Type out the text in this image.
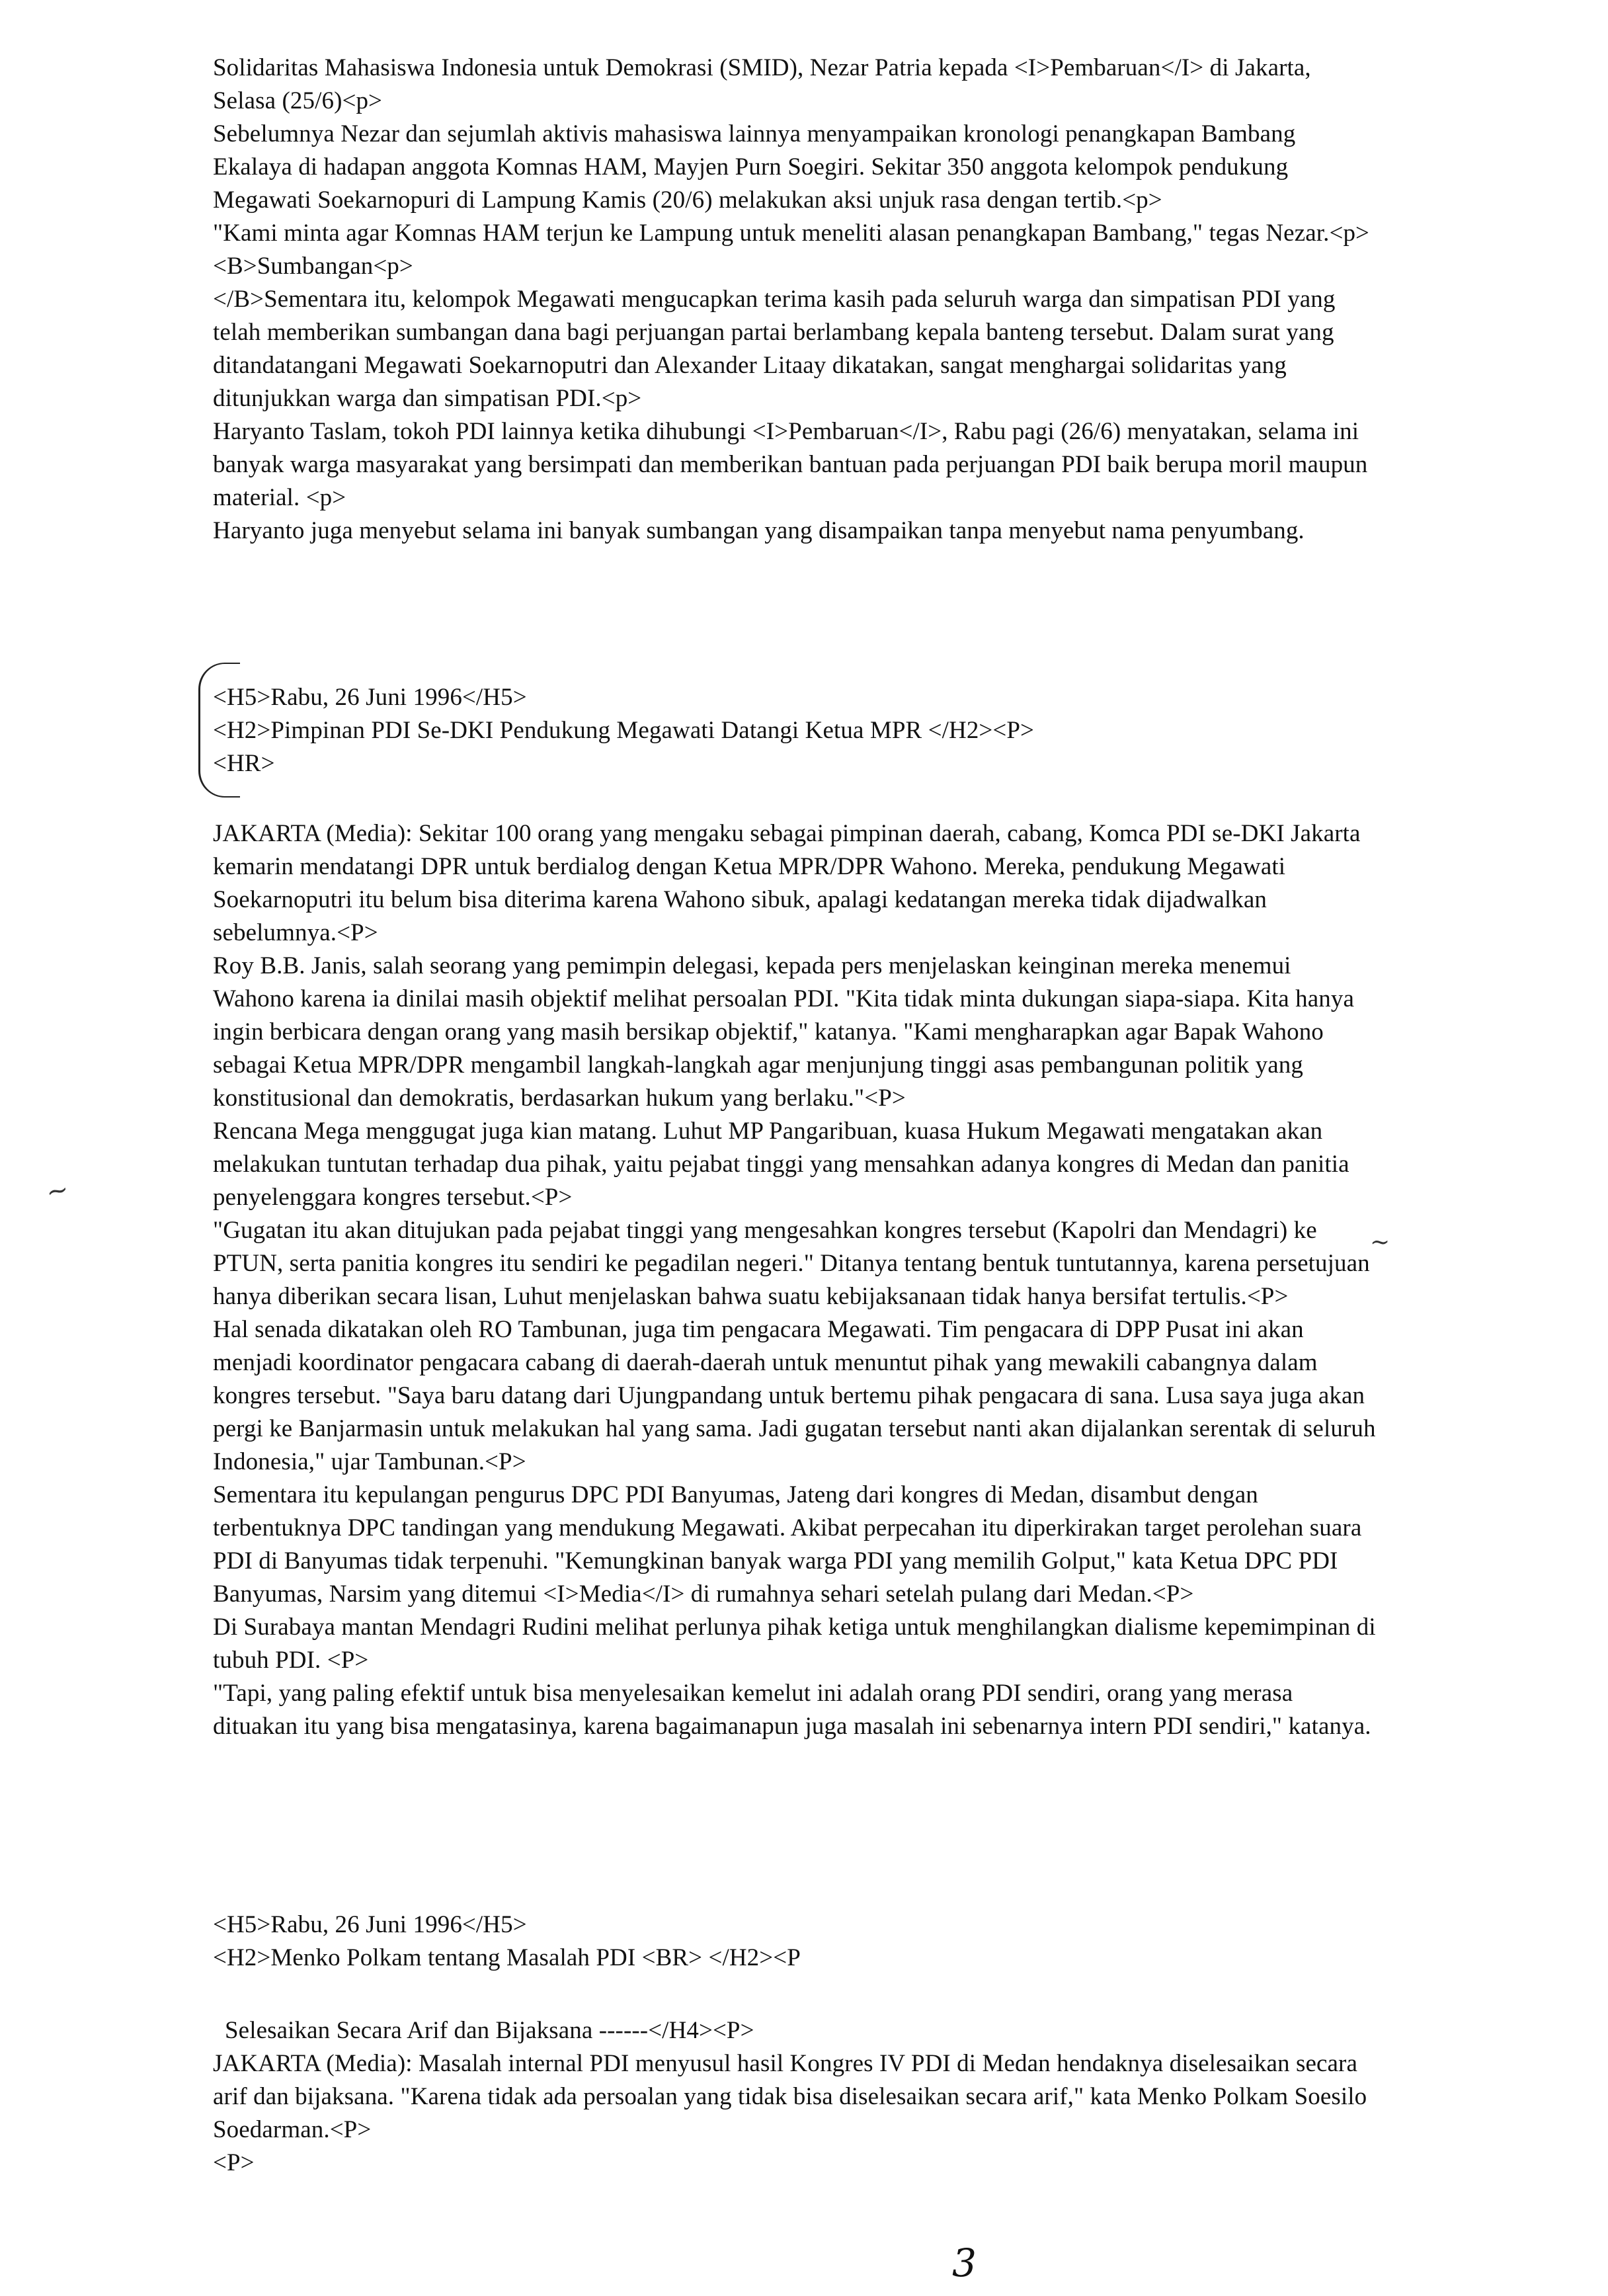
Solidaritas Mahasiswa Indonesia untuk Demokrasi (SMID), Nezar Patria kepada <I>Pembaruan</I> di Jakarta, Selasa (25/6)<p>

Sebelumnya Nezar dan sejumlah aktivis mahasiswa lainnya menyampaikan kronologi penangkapan Bambang Ekalaya di hadapan anggota Komnas HAM, Mayjen Purn Soegiri. Sekitar 350 anggota kelompok pendukung Megawati Soekarnopuri di Lampung Kamis (20/6) melakukan aksi unjuk rasa dengan tertib.<p>

"Kami minta agar Komnas HAM terjun ke Lampung untuk meneliti alasan penangkapan Bambang," tegas Nezar.<p>

<B>Sumbangan<p>

</B>Sementara itu, kelompok Megawati mengucapkan terima kasih pada seluruh warga dan simpatisan PDI yang telah memberikan sumbangan dana bagi perjuangan partai berlambang kepala banteng tersebut. Dalam surat yang ditandatangani Megawati Soekarnoputri dan Alexander Litaay dikatakan, sangat menghargai solidaritas yang ditunjukkan warga dan simpatisan PDI.<p>

Haryanto Taslam, tokoh PDI lainnya ketika dihubungi <I>Pembaruan</I>, Rabu pagi (26/6) menyatakan, selama ini banyak warga masyarakat yang bersimpati dan memberikan bantuan pada perjuangan PDI baik berupa moril maupun material. <p>

Haryanto juga menyebut selama ini banyak sumbangan yang disampaikan tanpa menyebut nama penyumbang.

<H5>Rabu, 26 Juni 1996</H5>

<H2>Pimpinan PDI Se-DKI Pendukung Megawati Datangi Ketua MPR </H2><P>

<HR>

JAKARTA (Media): Sekitar 100 orang yang mengaku sebagai pimpinan daerah, cabang, Komca PDI se-DKI Jakarta kemarin mendatangi DPR untuk berdialog dengan Ketua MPR/DPR Wahono. Mereka, pendukung Megawati Soekarnoputri itu belum bisa diterima karena Wahono sibuk, apalagi kedatangan mereka tidak dijadwalkan sebelumnya.<P>

Roy B.B. Janis, salah seorang yang pemimpin delegasi, kepada pers menjelaskan keinginan mereka menemui Wahono karena ia dinilai masih objektif melihat persoalan PDI. "Kita tidak minta dukungan siapa-siapa. Kita hanya ingin berbicara dengan orang yang masih bersikap objektif," katanya. "Kami mengharapkan agar Bapak Wahono sebagai Ketua MPR/DPR mengambil langkah-langkah agar menjunjung tinggi asas pembangunan politik yang konstitusional dan demokratis, berdasarkan hukum yang berlaku."<P>

Rencana Mega menggugat juga kian matang. Luhut MP Pangaribuan, kuasa Hukum Megawati mengatakan akan melakukan tuntutan terhadap dua pihak, yaitu pejabat tinggi yang mensahkan adanya kongres di Medan dan panitia penyelenggara kongres tersebut.<P>

"Gugatan itu akan ditujukan pada pejabat tinggi yang mengesahkan kongres tersebut (Kapolri dan Mendagri) ke PTUN, serta panitia kongres itu sendiri ke pegadilan negeri." Ditanya tentang bentuk tuntutannya, karena persetujuan hanya diberikan secara lisan, Luhut menjelaskan bahwa suatu kebijaksanaan tidak hanya bersifat tertulis.<P>

Hal senada dikatakan oleh RO Tambunan, juga tim pengacara Megawati. Tim pengacara di DPP Pusat ini akan menjadi koordinator pengacara cabang di daerah-daerah untuk menuntut pihak yang mewakili cabangnya dalam kongres tersebut. "Saya baru datang dari Ujungpandang untuk bertemu pihak pengacara di sana. Lusa saya juga akan pergi ke Banjarmasin untuk melakukan hal yang sama. Jadi gugatan tersebut nanti akan dijalankan serentak di seluruh Indonesia," ujar Tambunan.<P>

Sementara itu kepulangan pengurus DPC PDI Banyumas, Jateng dari kongres di Medan, disambut dengan terbentuknya DPC tandingan yang mendukung Megawati. Akibat perpecahan itu diperkirakan target perolehan suara PDI di Banyumas tidak terpenuhi. "Kemungkinan banyak warga PDI yang memilih Golput," kata Ketua DPC PDI Banyumas, Narsim yang ditemui <I>Media</I> di rumahnya sehari setelah pulang dari Medan.<P>

Di Surabaya mantan Mendagri Rudini melihat perlunya pihak ketiga untuk menghilangkan dialisme kepemimpinan di tubuh PDI. <P>

"Tapi, yang paling efektif untuk bisa menyelesaikan kemelut ini adalah orang PDI sendiri, orang yang merasa dituakan itu yang bisa mengatasinya, karena bagaimanapun juga masalah ini sebenarnya intern PDI sendiri," katanya.

<H5>Rabu, 26 Juni 1996</H5>

<H2>Menko Polkam tentang Masalah PDI <BR> </H2><P

Selesaikan Secara Arif dan Bijaksana ------</H4><P>

JAKARTA (Media): Masalah internal PDI menyusul hasil Kongres IV PDI di Medan hendaknya diselesaikan secara arif dan bijaksana. "Karena tidak ada persoalan yang tidak bisa diselesaikan secara arif," kata Menko Polkam Soesilo Soedarman.<P>

<P>

~
~
3
